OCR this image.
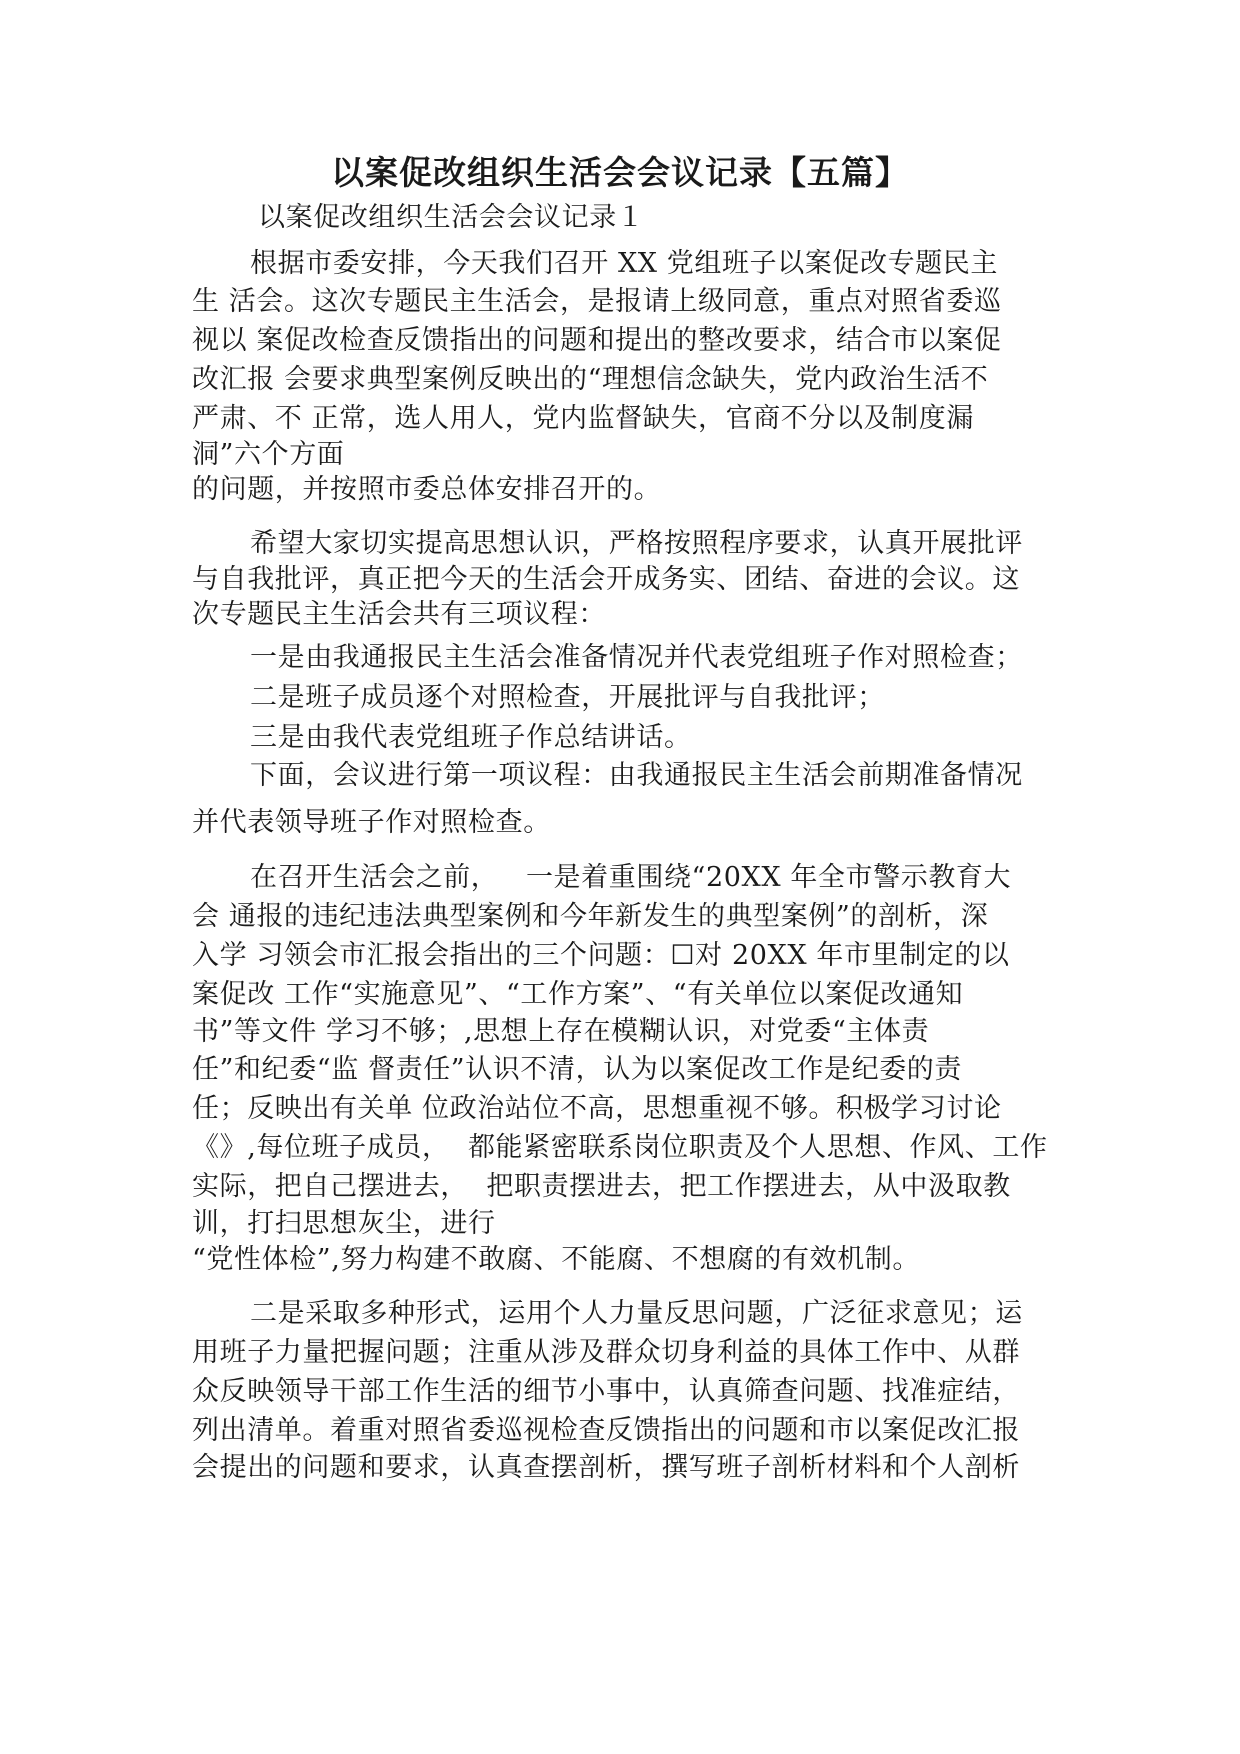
以案促改组织生活会会议记录【五篇】
以案促改组织生活会会议记录１
根据市委安排，今天我们召开 XX 党组班子以案促改专题民主
生 活会。这次专题民主生活会，是报请上级同意，重点对照省委巡
视以 案促改检查反馈指出的问题和提出的整改要求，结合市以案促
改汇报 会要求典型案例反映出的“理想信念缺失，党内政治生活不
严肃、不 正常，选人用人，党内监督缺失，官商不分以及制度漏
洞”六个方面
的问题，并按照市委总体安排召开的。
希望大家切实提高思想认识，严格按照程序要求，认真开展批评
与自我批评，真正把今天的生活会开成务实、团结、奋进的会议。这
次专题民主生活会共有三项议程：
一是由我通报民主生活会准备情况并代表党组班子作对照检查；
二是班子成员逐个对照检查，开展批评与自我批评；
三是由我代表党组班子作总结讲话。
下面，会议进行第一项议程：由我通报民主生活会前期准备情况
并代表领导班子作对照检查。
在召开生活会之前，   一是着重围绕“20XX 年全市警示教育大
会 通报的违纪违法典型案例和今年新发生的典型案例”的剖析，深
入学 习领会市汇报会指出的三个问题：☐对 20XX 年市里制定的以
案促改 工作“实施意见”、“工作方案”、“有关单位以案促改通知
书”等文件 学习不够；,思想上存在模糊认识，对党委“主体责
任”和纪委“监 督责任”认识不清，认为以案促改工作是纪委的责
任；反映出有关单 位政治站位不高，思想重视不够。积极学习讨论
《》,每位班子成员，  都能紧密联系岗位职责及个人思想、作风、工作
实际，把自己摆进去，  把职责摆进去，把工作摆进去，从中汲取教
训，打扫思想灰尘，进行
“党性体检”,努力构建不敢腐、不能腐、不想腐的有效机制。
二是采取多种形式，运用个人力量反思问题，广泛征求意见；运
用班子力量把握问题；注重从涉及群众切身利益的具体工作中、从群
众反映领导干部工作生活的细节小事中，认真筛查问题、找准症结，
列出清单。着重对照省委巡视检查反馈指出的问题和市以案促改汇报
会提出的问题和要求，认真查摆剖析，撰写班子剖析材料和个人剖析
